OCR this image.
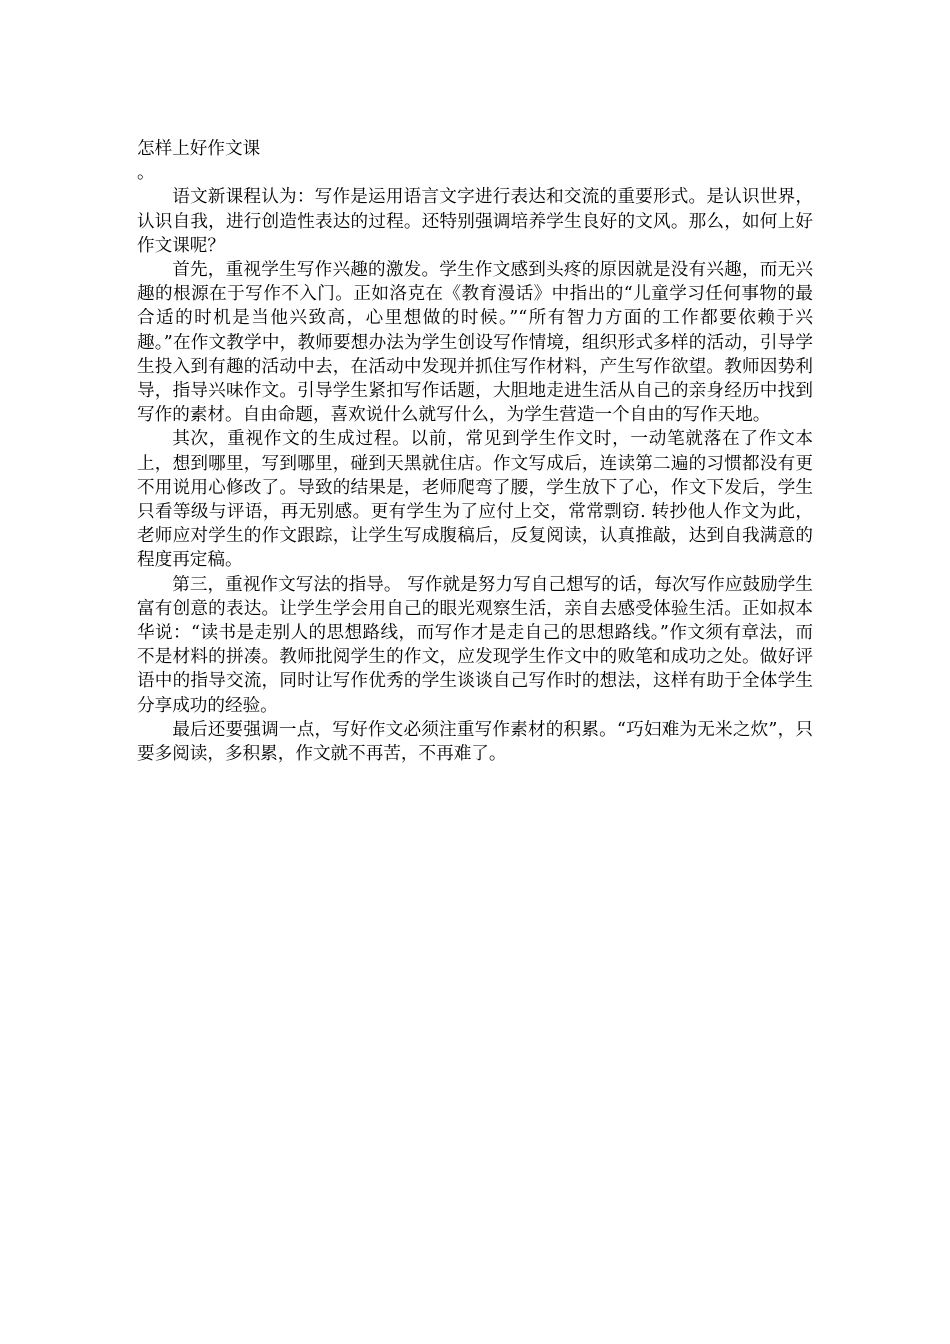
怎样上好作文课

。

语文新课程认为：写作是运用语言文字进行表达和交流的重要形式。是认识世界，认识自我，进行创造性表达的过程。还特别强调培养学生良好的文风。那么，如何上好作文课呢？

首先，重视学生写作兴趣的激发。学生作文感到头疼的原因就是没有兴趣，而无兴趣的根源在于写作不入门。正如洛克在《教育漫话》中指出的“儿童学习任何事物的最合适的时机是当他兴致高，心里想做的时候。”“所有智力方面的工作都要依赖于兴趣。”在作文教学中，教师要想办法为学生创设写作情境，组织形式多样的活动，引导学生投入到有趣的活动中去，在活动中发现并抓住写作材料，产生写作欲望。教师因势利导，指导兴味作文。引导学生紧扣写作话题，大胆地走进生活从自己的亲身经历中找到写作的素材。自由命题，喜欢说什么就写什么，为学生营造一个自由的写作天地。

其次，重视作文的生成过程。以前，常见到学生作文时，一动笔就落在了作文本上，想到哪里，写到哪里，碰到天黑就住店。作文写成后，连读第二遍的习惯都没有更不用说用心修改了。导致的结果是，老师爬弯了腰，学生放下了心，作文下发后，学生只看等级与评语，再无别感。更有学生为了应付上交，常常剽窃. 转抄他人作文为此，老师应对学生的作文跟踪，让学生写成腹稿后，反复阅读，认真推敲，达到自我满意的程度再定稿。

第三，重视作文写法的指导。 写作就是努力写自己想写的话，每次写作应鼓励学生富有创意的表达。让学生学会用自己的眼光观察生活，亲自去感受体验生活。正如叔本华说：“读书是走别人的思想路线，而写作才是走自己的思想路线。”作文须有章法，而不是材料的拼凑。教师批阅学生的作文，应发现学生作文中的败笔和成功之处。做好评语中的指导交流，同时让写作优秀的学生谈谈自己写作时的想法，这样有助于全体学生分享成功的经验。

最后还要强调一点，写好作文必须注重写作素材的积累。“巧妇难为无米之炊”，只要多阅读，多积累，作文就不再苦，不再难了。
